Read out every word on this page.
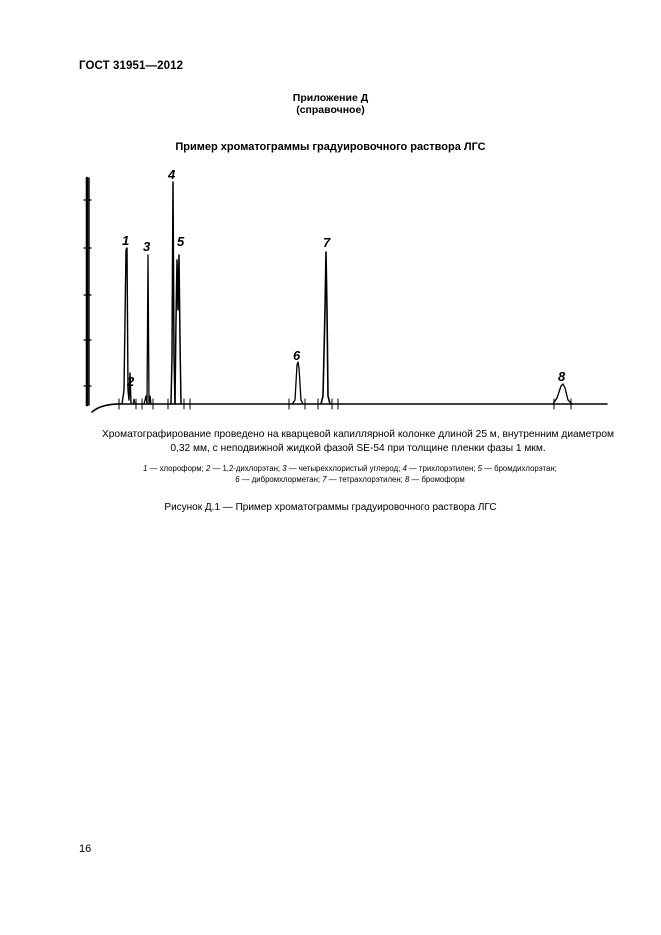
ГОСТ 31951—2012
Приложение Д
(справочное)
Пример хроматограммы градуировочного раствора ЛГС
1
2
3
4
5
6
7
8
Хроматографирование проведено на кварцевой капиллярной колонке длиной 25 м, внутренним диаметром
0,32 мм, с неподвижной жидкой фазой SE-54 при толщине пленки фазы 1 мкм.
1 — хлороформ; 2 — 1,2-дихлорэтан; 3 — четыреххлористый углерод; 4 — трихлорэтилен; 5 — бромдихлорэтан;
6 — дибромхлорметан; 7 — тетрахлорэтилен; 8 — бромоформ
Рисунок Д.1 — Пример хроматограммы градуировочного раствора ЛГС
16
